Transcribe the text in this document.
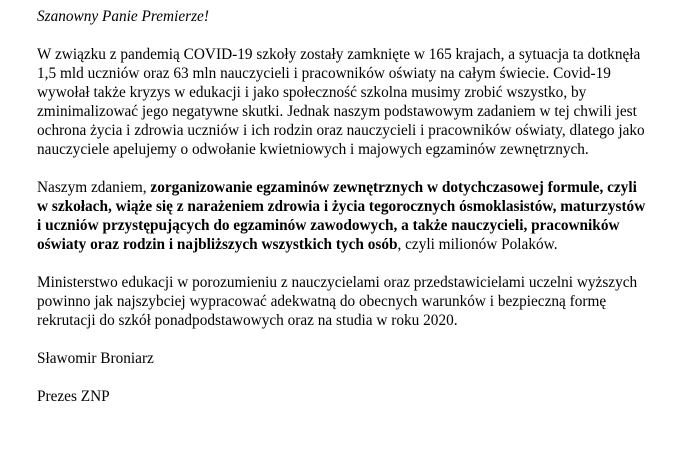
Szanowny Panie Premierze!

W związku z pandemią COVID-19 szkoły zostały zamknięte w 165 krajach, a sytuacja ta dotknęła 1,5 mld uczniów oraz 63 mln nauczycieli i pracowników oświaty na całym świecie. Covid-19 wywołał także kryzys w edukacji i jako społeczność szkolna musimy zrobić wszystko, by zminimalizować jego negatywne skutki. Jednak naszym podstawowym zadaniem w tej chwili jest ochrona życia i zdrowia uczniów i ich rodzin oraz nauczycieli i pracowników oświaty, dlatego jako nauczyciele apelujemy o odwołanie kwietniowych i majowych egzaminów zewnętrznych.

Naszym zdaniem, zorganizowanie egzaminów zewnętrznych w dotychczasowej formule, czyli w szkołach, wiąże się z narażeniem zdrowia i życia tegorocznych ósmoklasistów, maturzystów i uczniów przystępujących do egzaminów zawodowych, a także nauczycieli, pracowników oświaty oraz rodzin i najbliższych wszystkich tych osób, czyli milionów Polaków.

Ministerstwo edukacji w porozumieniu z nauczycielami oraz przedstawicielami uczelni wyższych powinno jak najszybciej wypracować adekwatną do obecnych warunków i bezpieczną formę rekrutacji do szkół ponadpodstawowych oraz na studia w roku 2020.

Sławomir Broniarz

Prezes ZNP
